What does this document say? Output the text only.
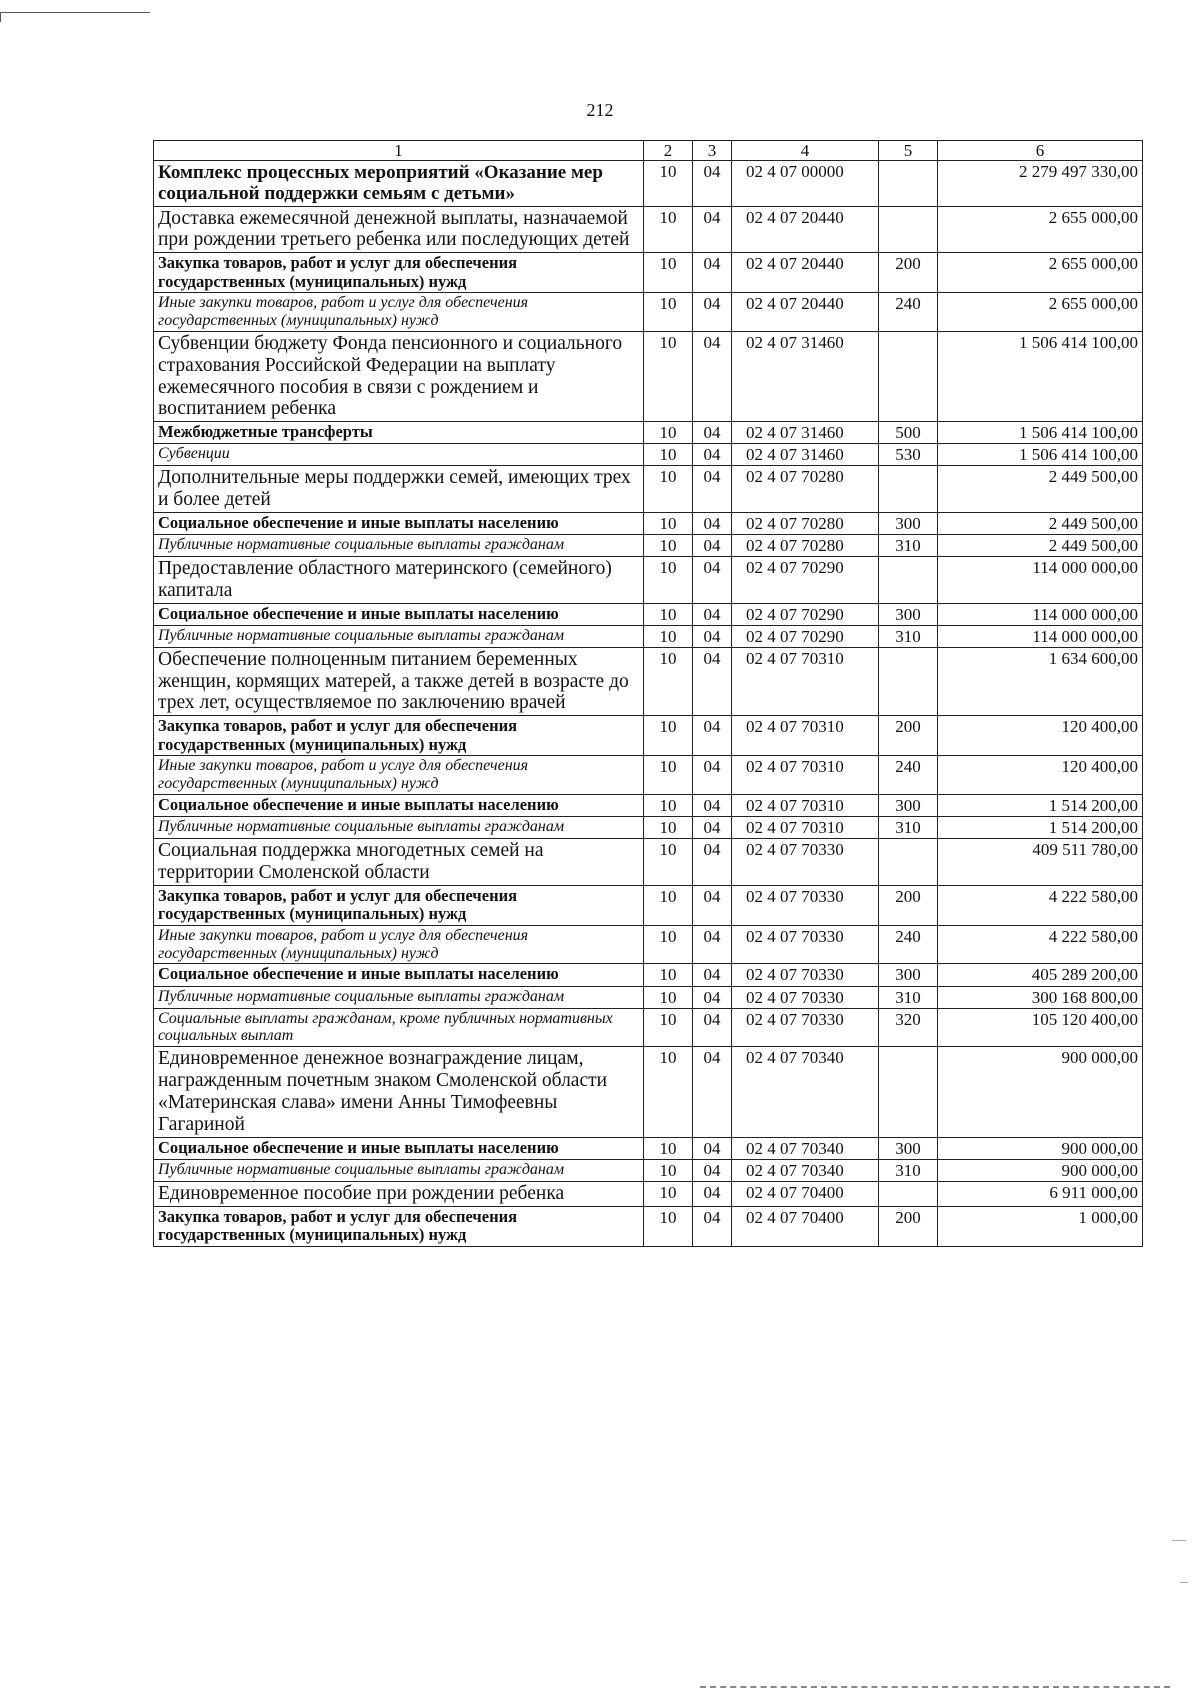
212
1	2	3	4	5	6
Комплекс процессных мероприятий «Оказание мер социальной поддержки семьям с детьми»	10	04	02 4 07 00000		2 279 497 330,00
Доставка ежемесячной денежной выплаты, назначаемой при рождении третьего ребенка или последующих детей	10	04	02 4 07 20440		2 655 000,00
Закупка товаров, работ и услуг для обеспечения государственных (муниципальных) нужд	10	04	02 4 07 20440	200	2 655 000,00
Иные закупки товаров, работ и услуг для обеспечения государственных (муниципальных) нужд	10	04	02 4 07 20440	240	2 655 000,00
Субвенции бюджету Фонда пенсионного и социального страхования Российской Федерации на выплату ежемесячного пособия в связи с рождением и воспитанием ребенка	10	04	02 4 07 31460		1 506 414 100,00
Межбюджетные трансферты	10	04	02 4 07 31460	500	1 506 414 100,00
Субвенции	10	04	02 4 07 31460	530	1 506 414 100,00
Дополнительные меры поддержки семей, имеющих трех и более детей	10	04	02 4 07 70280		2 449 500,00
Социальное обеспечение и иные выплаты населению	10	04	02 4 07 70280	300	2 449 500,00
Публичные нормативные социальные выплаты гражданам	10	04	02 4 07 70280	310	2 449 500,00
Предоставление областного материнского (семейного) капитала	10	04	02 4 07 70290		114 000 000,00
Социальное обеспечение и иные выплаты населению	10	04	02 4 07 70290	300	114 000 000,00
Публичные нормативные социальные выплаты гражданам	10	04	02 4 07 70290	310	114 000 000,00
Обеспечение полноценным питанием беременных женщин, кормящих матерей, а также детей в возрасте до трех лет, осуществляемое по заключению врачей	10	04	02 4 07 70310		1 634 600,00
Закупка товаров, работ и услуг для обеспечения государственных (муниципальных) нужд	10	04	02 4 07 70310	200	120 400,00
Иные закупки товаров, работ и услуг для обеспечения государственных (муниципальных) нужд	10	04	02 4 07 70310	240	120 400,00
Социальное обеспечение и иные выплаты населению	10	04	02 4 07 70310	300	1 514 200,00
Публичные нормативные социальные выплаты гражданам	10	04	02 4 07 70310	310	1 514 200,00
Социальная поддержка многодетных семей на территории Смоленской области	10	04	02 4 07 70330		409 511 780,00
Закупка товаров, работ и услуг для обеспечения государственных (муниципальных) нужд	10	04	02 4 07 70330	200	4 222 580,00
Иные закупки товаров, работ и услуг для обеспечения государственных (муниципальных) нужд	10	04	02 4 07 70330	240	4 222 580,00
Социальное обеспечение и иные выплаты населению	10	04	02 4 07 70330	300	405 289 200,00
Публичные нормативные социальные выплаты гражданам	10	04	02 4 07 70330	310	300 168 800,00
Социальные выплаты гражданам, кроме публичных нормативных социальных выплат	10	04	02 4 07 70330	320	105 120 400,00
Единовременное денежное вознаграждение лицам, награжденным почетным знаком Смоленской области «Материнская слава» имени Анны Тимофеевны Гагариной	10	04	02 4 07 70340		900 000,00
Социальное обеспечение и иные выплаты населению	10	04	02 4 07 70340	300	900 000,00
Публичные нормативные социальные выплаты гражданам	10	04	02 4 07 70340	310	900 000,00
Единовременное пособие при рождении ребенка	10	04	02 4 07 70400		6 911 000,00
Закупка товаров, работ и услуг для обеспечения государственных (муниципальных) нужд	10	04	02 4 07 70400	200	1 000,00
